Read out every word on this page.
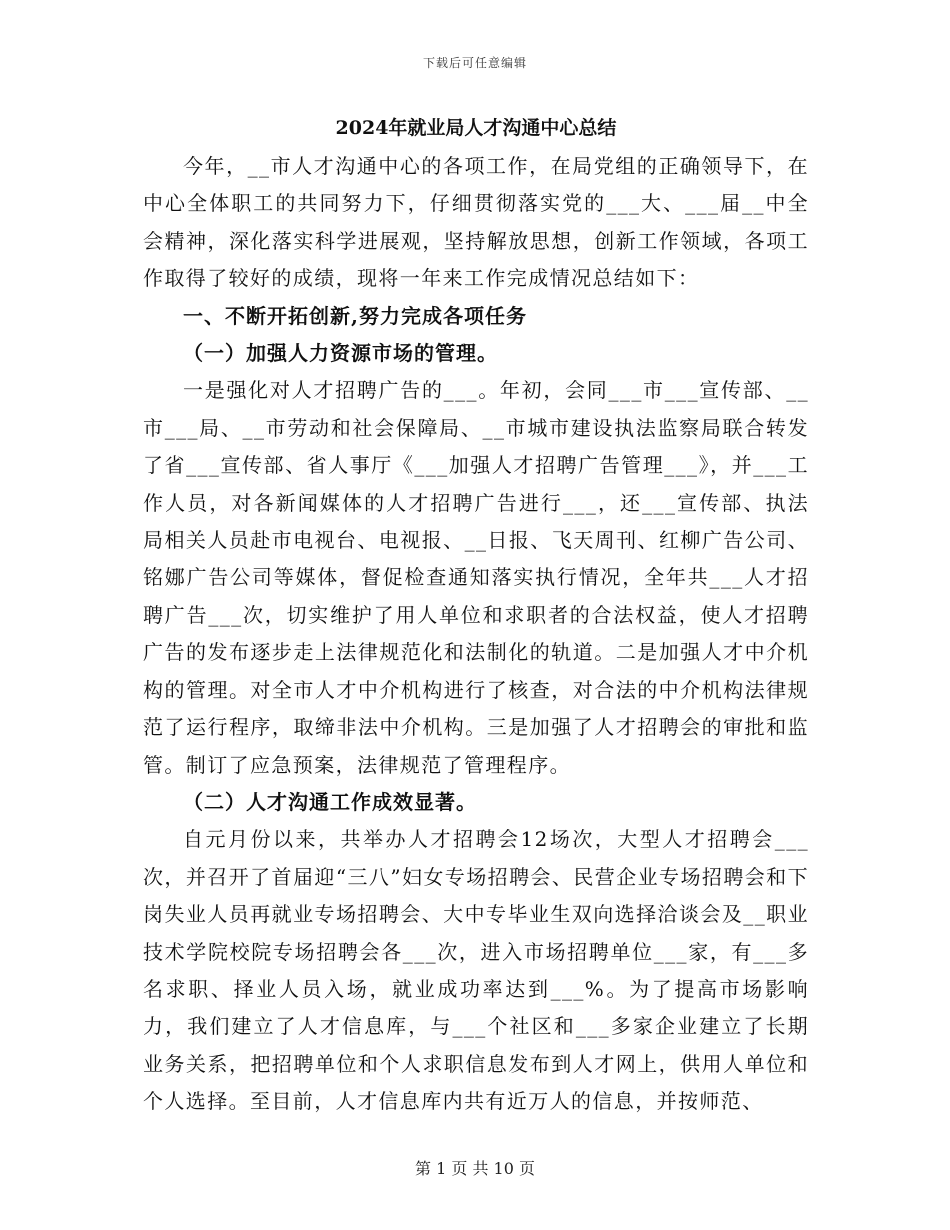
下载后可任意编辑
2024年就业局人才沟通中心总结

今年，__市人才沟通中心的各项工作，在局党组的正确领导下，在中心全体职工的共同努力下，仔细贯彻落实党的___大、___届__中全会精神，深化落实科学进展观，坚持解放思想，创新工作领域，各项工作取得了较好的成绩，现将一年来工作完成情况总结如下：

一、不断开拓创新,努力完成各项任务

（一）加强人力资源市场的管理。

一是强化对人才招聘广告的___。年初，会同___市___宣传部、__市___局、__市劳动和社会保障局、__市城市建设执法监察局联合转发了省___宣传部、省人事厅《___加强人才招聘广告管理___》，并___工作人员，对各新闻媒体的人才招聘广告进行___，还___宣传部、执法局相关人员赴市电视台、电视报、__日报、飞天周刊、红柳广告公司、铭娜广告公司等媒体，督促检查通知落实执行情况，全年共___人才招聘广告___次，切实维护了用人单位和求职者的合法权益，使人才招聘广告的发布逐步走上法律规范化和法制化的轨道。二是加强人才中介机构的管理。对全市人才中介机构进行了核查，对合法的中介机构法律规范了运行程序，取缔非法中介机构。三是加强了人才招聘会的审批和监管。制订了应急预案，法律规范了管理程序。

（二）人才沟通工作成效显著。

自元月份以来，共举办人才招聘会12场次，大型人才招聘会___次，并召开了首届迎“三八”妇女专场招聘会、民营企业专场招聘会和下岗失业人员再就业专场招聘会、大中专毕业生双向选择洽谈会及__职业技术学院校院专场招聘会各___次，进入市场招聘单位___家，有___多名求职、择业人员入场，就业成功率达到___%。为了提高市场影响力，我们建立了人才信息库，与___个社区和___多家企业建立了长期业务关系，把招聘单位和个人求职信息发布到人才网上，供用人单位和个人选择。至目前，人才信息库内共有近万人的信息，并按师范、

第 1 页 共 10 页
